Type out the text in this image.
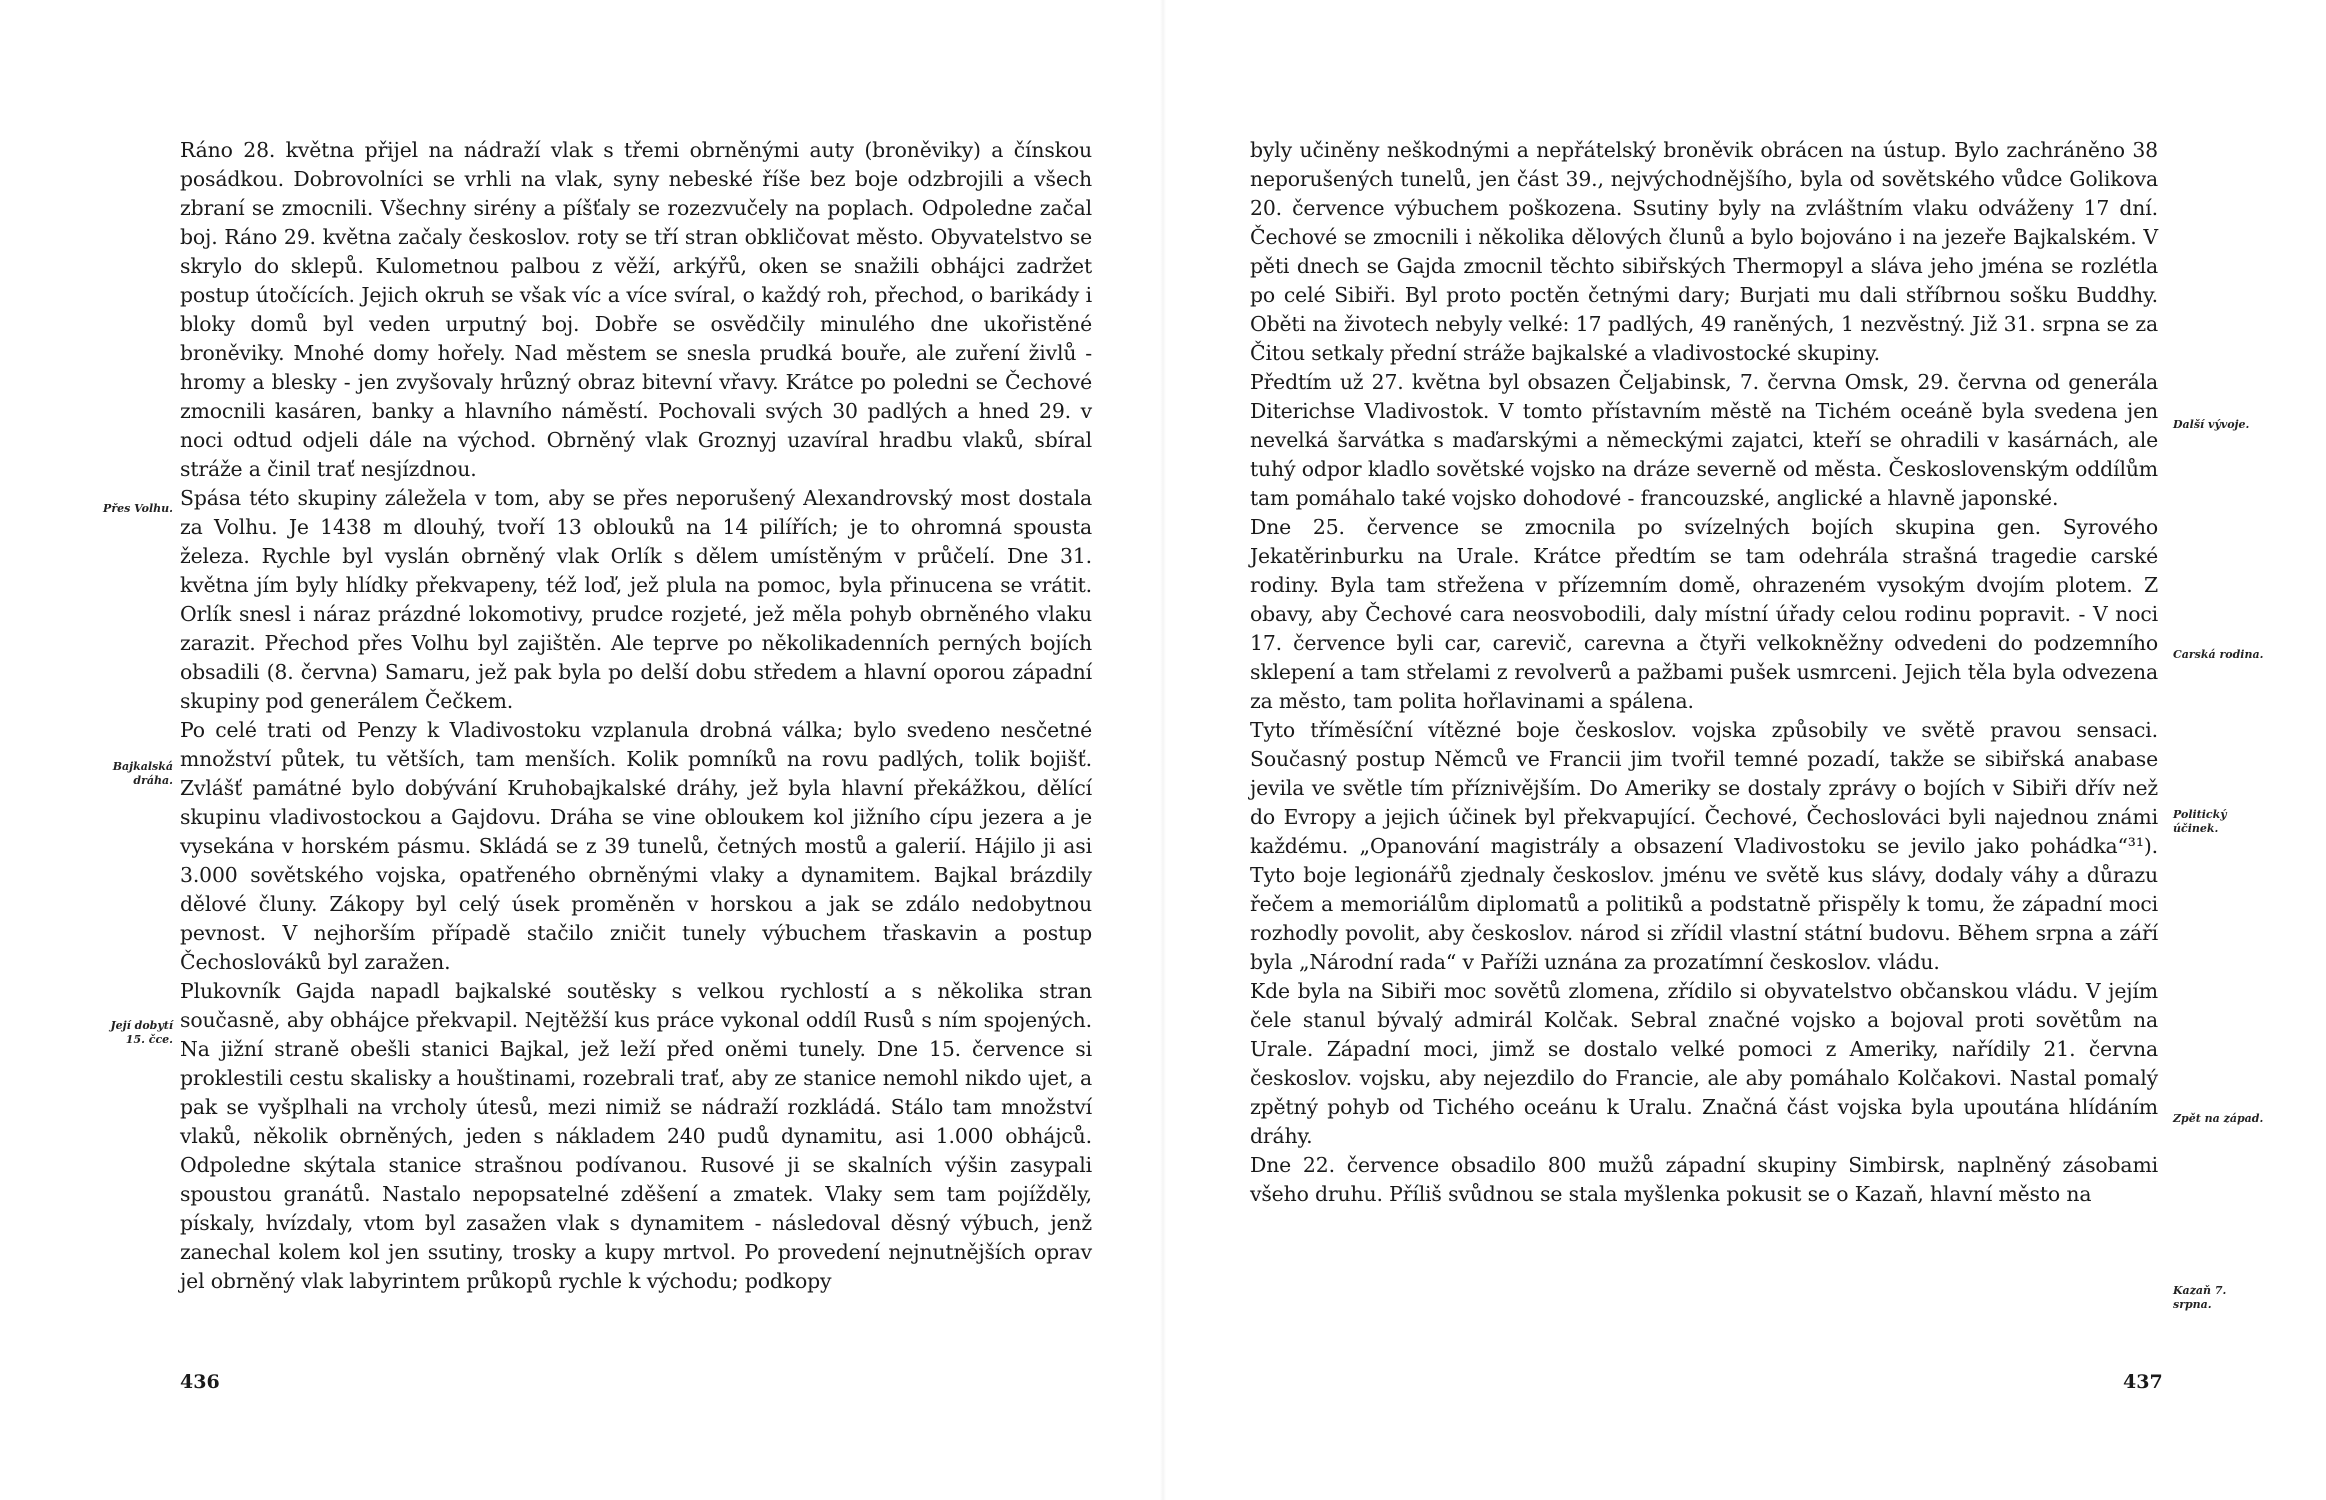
Ráno 28. května přijel na nádraží vlak s třemi obrněnými auty (broněviky) a čínskou posádkou. Dobrovolníci se vrhli na vlak, syny nebeské říše bez boje odzbrojili a všech zbraní se zmocnili. Všechny sirény a píšťaly se rozezvučely na poplach. Odpoledne začal boj. Ráno 29. května začaly českoslov. roty se tří stran obkličovat město. Obyvatelstvo se skrylo do sklepů. Kulometnou palbou z věží, arkýřů, oken se snažili obhájci zadržet postup útočících. Jejich okruh se však víc a více svíral, o každý roh, přechod, o barikády i bloky domů byl veden urputný boj. Dobře se osvědčily minulého dne ukořistěné broněviky. Mnohé domy hořely. Nad městem se snesla prudká bouře, ale zuření živlů - hromy a blesky - jen zvyšovaly hrůzný obraz bitevní vřavy. Krátce po poledni se Čechové zmocnili kasáren, banky a hlavního náměstí. Pochovali svých 30 padlých a hned 29. v noci odtud odjeli dále na východ. Obrněný vlak Groznyj uzavíral hradbu vlaků, sbíral stráže a činil trať nesjízdnou.

Spása této skupiny záležela v tom, aby se přes neporušený Alexandrovský most dostala za Volhu. Je 1438 m dlouhý, tvoří 13 oblouků na 14 pilířích; je to ohromná spousta železa. Rychle byl vyslán obrněný vlak Orlík s dělem umístěným v průčelí. Dne 31. května jím byly hlídky překvapeny, též loď, jež plula na pomoc, byla přinucena se vrátit. Orlík snesl i náraz prázdné lokomotivy, prudce rozjeté, jež měla pohyb obrněného vlaku zarazit. Přechod přes Volhu byl zajištěn. Ale teprve po několikadenních perných bojích obsadili (8. června) Samaru, jež pak byla po delší dobu středem a hlavní oporou západní skupiny pod generálem Čečkem.

Po celé trati od Penzy k Vladivostoku vzplanula drobná válka; bylo svedeno nesčetné množství půtek, tu větších, tam menších. Kolik pomníků na rovu padlých, tolik bojišť. Zvlášť památné bylo dobývání Kruhobajkalské dráhy, jež byla hlavní překážkou, dělící skupinu vladivostockou a Gajdovu. Dráha se vine obloukem kol jižního cípu jezera a je vysekána v horském pásmu. Skládá se z 39 tunelů, četných mostů a galerií. Hájilo ji asi 3.000 sovětského vojska, opatřeného obrněnými vlaky a dynamitem. Bajkal brázdily dělové čluny. Zákopy byl celý úsek proměněn v horskou a jak se zdálo nedobytnou pevnost. V nejhorším případě stačilo zničit tunely výbuchem třaskavin a postup Čechoslováků byl zaražen.

Plukovník Gajda napadl bajkalské soutěsky s velkou rychlostí a s několika stran současně, aby obhájce překvapil. Nejtěžší kus práce vykonal oddíl Rusů s ním spojených. Na jižní straně obešli stanici Bajkal, jež leží před oněmi tunely. Dne 15. července si proklestili cestu skalisky a houštinami, rozebrali trať, aby ze stanice nemohl nikdo ujet, a pak se vyšplhali na vrcholy útesů, mezi nimiž se nádraží rozkládá. Stálo tam množství vlaků, několik obrněných, jeden s nákladem 240 pudů dynamitu, asi 1.000 obhájců. Odpoledne skýtala stanice strašnou podívanou. Rusové ji se skalních výšin zasypali spoustou granátů. Nastalo nepopsatelné zděšení a zmatek. Vlaky sem tam pojížděly, pískaly, hvízdaly, vtom byl zasažen vlak s dynamitem - následoval děsný výbuch, jenž zanechal kolem kol jen ssutiny, trosky a kupy mrtvol. Po provedení nejnutnějších oprav jel obrněný vlak labyrintem průkopů rychle k východu; podkopy

Přes Volhu.
Bajkalská dráha.
Její dobytí 15. čce.
436

byly učiněny neškodnými a nepřátelský broněvik obrácen na ústup. Bylo zachráněno 38 neporušených tunelů, jen část 39., nejvýchodnějšího, byla od sovětského vůdce Golikova 20. července výbuchem poškozena. Ssutiny byly na zvláštním vlaku odváženy 17 dní. Čechové se zmocnili i několika dělových člunů a bylo bojováno i na jezeře Bajkalském. V pěti dnech se Gajda zmocnil těchto sibiřských Thermopyl a sláva jeho jména se rozlétla po celé Sibiři. Byl proto poctěn četnými dary; Burjati mu dali stříbrnou sošku Buddhy. Oběti na životech nebyly velké: 17 padlých, 49 raněných, 1 nezvěstný. Již 31. srpna se za Čitou setkaly přední stráže bajkalské a vladivostocké skupiny.

Předtím už 27. května byl obsazen Čeljabinsk, 7. června Omsk, 29. června od generála Diterichse Vladivostok. V tomto přístavním městě na Tichém oceáně byla svedena jen nevelká šarvátka s maďarskými a německými zajatci, kteří se ohradili v kasárnách, ale tuhý odpor kladlo sovětské vojsko na dráze severně od města. Československým oddílům tam pomáhalo také vojsko dohodové - francouzské, anglické a hlavně japonské.

Dne 25. července se zmocnila po svízelných bojích skupina gen. Syrového Jekatěrinburku na Urale. Krátce předtím se tam odehrála strašná tragedie carské rodiny. Byla tam střežena v přízemním domě, ohrazeném vysokým dvojím plotem. Z obavy, aby Čechové cara neosvobodili, daly místní úřady celou rodinu popravit. - V noci 17. července byli car, carevič, carevna a čtyři velkokněžny odvedeni do podzemního sklepení a tam střelami z revolverů a pažbami pušek usmrceni. Jejich těla byla odvezena za město, tam polita hořlavinami a spálena.

Tyto tříměsíční vítězné boje českoslov. vojska způsobily ve světě pravou sensaci. Současný postup Němců ve Francii jim tvořil temné pozadí, takže se sibiřská anabase jevila ve světle tím příznivějším. Do Ameriky se dostaly zprávy o bojích v Sibiři dřív než do Evropy a jejich účinek byl překvapující. Čechové, Čechoslováci byli najednou známi každému. „Opanování magistrály a obsazení Vladivostoku se jevilo jako pohádka“³¹). Tyto boje legionářů zjednaly českoslov. jménu ve světě kus slávy, dodaly váhy a důrazu řečem a memoriálům diplomatů a politiků a podstatně přispěly k tomu, že západní moci rozhodly povolit, aby českoslov. národ si zřídil vlastní státní budovu. Během srpna a září byla „Národní rada“ v Paříži uznána za prozatímní českoslov. vládu.

Kde byla na Sibiři moc sovětů zlomena, zřídilo si obyvatelstvo občanskou vládu. V jejím čele stanul bývalý admirál Kolčak. Sebral značné vojsko a bojoval proti sovětům na Urale. Západní moci, jimž se dostalo velké pomoci z Ameriky, nařídily 21. června českoslov. vojsku, aby nejezdilo do Francie, ale aby pomáhalo Kolčakovi. Nastal pomalý zpětný pohyb od Tichého oceánu k Uralu. Značná část vojska byla upoutána hlídáním dráhy.

Dne 22. července obsadilo 800 mužů západní skupiny Simbirsk, naplněný zásobami všeho druhu. Příliš svůdnou se stala myšlenka pokusit se o Kazaň, hlavní město na

Další vývoje.
Carská rodina.
Politický účinek.
Zpět na západ.
Kazaň 7. srpna.
437
